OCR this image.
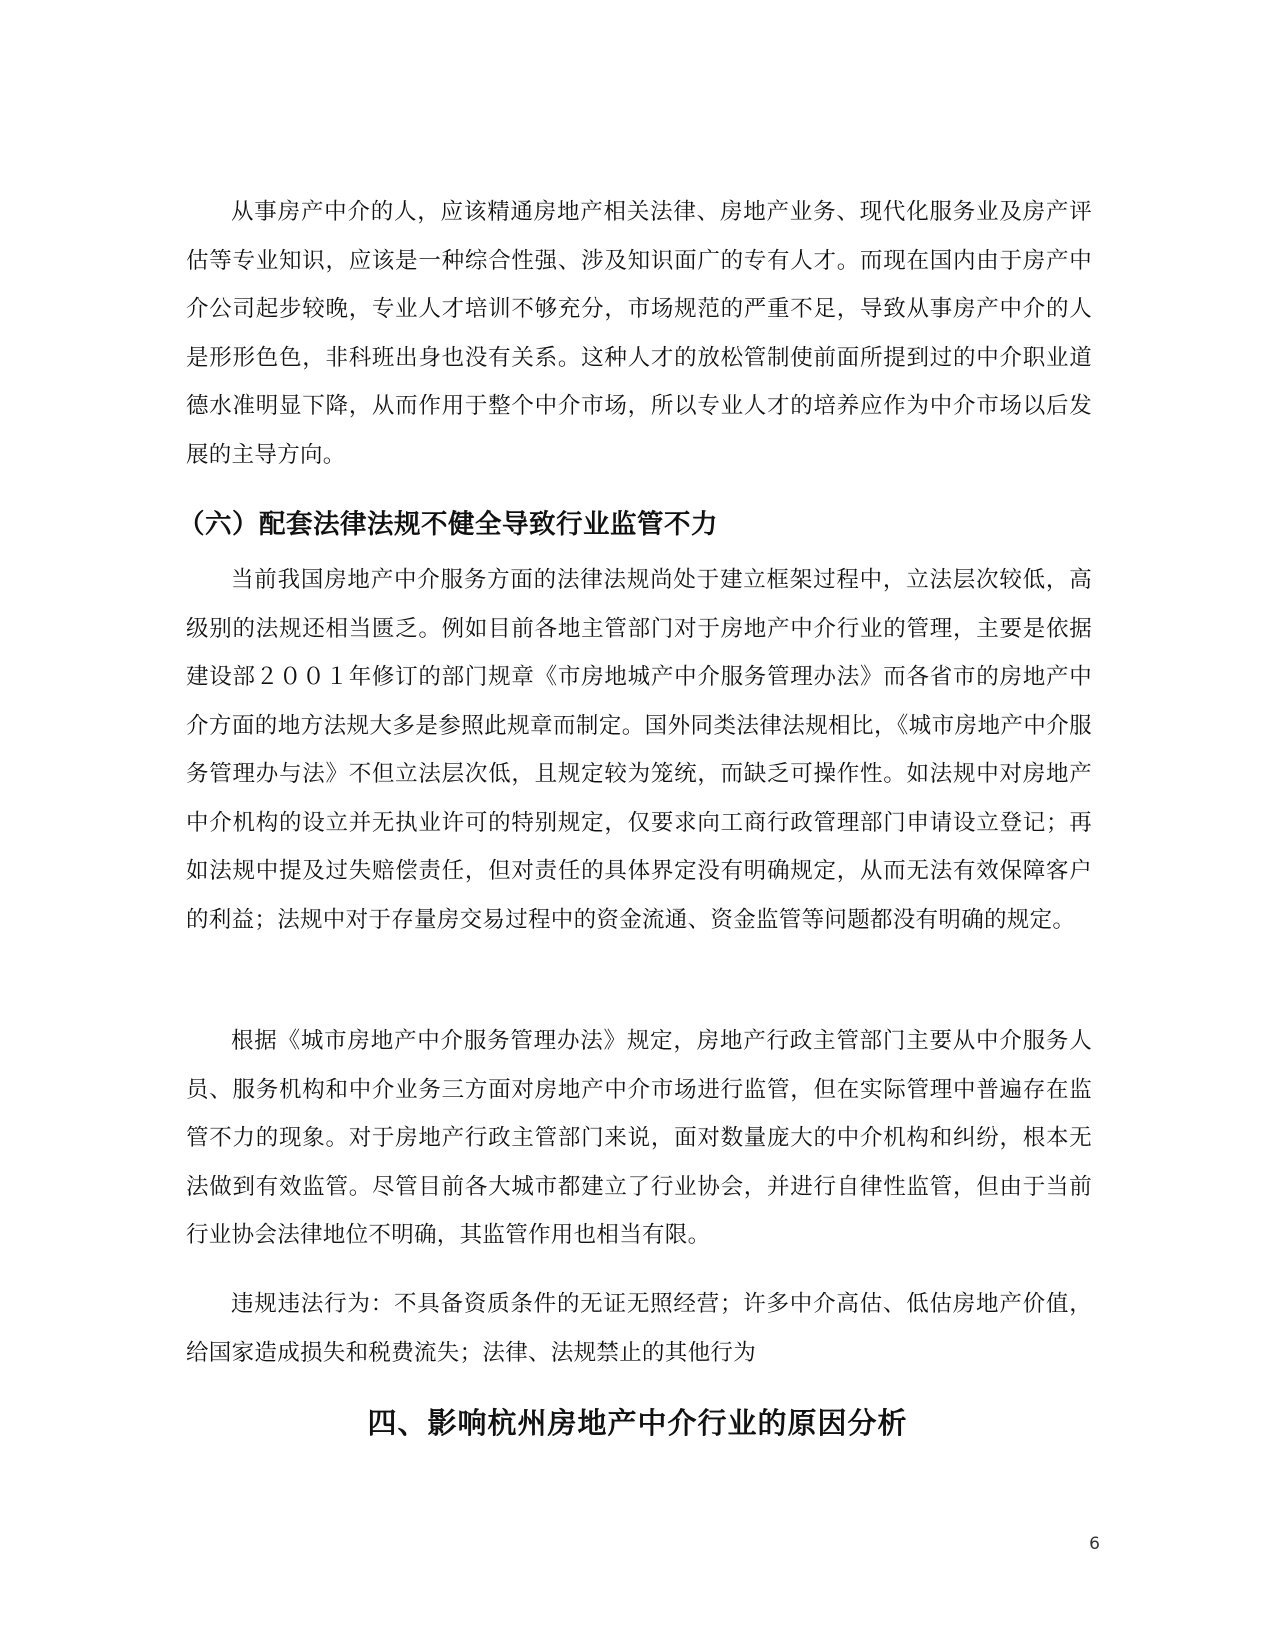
从事房产中介的人，应该精通房地产相关法律、房地产业务、现代化服务业及房产评估等专业知识，应该是一种综合性强、涉及知识面广的专有人才。而现在国内由于房产中介公司起步较晚，专业人才培训不够充分，市场规范的严重不足，导致从事房产中介的人是形形色色，非科班出身也没有关系。这种人才的放松管制使前面所提到过的中介职业道德水准明显下降，从而作用于整个中介市场，所以专业人才的培养应作为中介市场以后发展的主导方向。

（六）配套法律法规不健全导致行业监管不力

当前我国房地产中介服务方面的法律法规尚处于建立框架过程中，立法层次较低，高级别的法规还相当匮乏。例如目前各地主管部门对于房地产中介行业的管理，主要是依据建设部２００１年修订的部门规章《市房地城产中介服务管理办法》而各省市的房地产中介方面的地方法规大多是参照此规章而制定。国外同类法律法规相比，《城市房地产中介服务管理办与法》不但立法层次低，且规定较为笼统，而缺乏可操作性。如法规中对房地产中介机构的设立并无执业许可的特别规定，仅要求向工商行政管理部门申请设立登记；再如法规中提及过失赔偿责任，但对责任的具体界定没有明确规定，从而无法有效保障客户的利益；法规中对于存量房交易过程中的资金流通、资金监管等问题都没有明确的规定。

根据《城市房地产中介服务管理办法》规定，房地产行政主管部门主要从中介服务人员、服务机构和中介业务三方面对房地产中介市场进行监管，但在实际管理中普遍存在监管不力的现象。对于房地产行政主管部门来说，面对数量庞大的中介机构和纠纷，根本无法做到有效监管。尽管目前各大城市都建立了行业协会，并进行自律性监管，但由于当前行业协会法律地位不明确，其监管作用也相当有限。

违规违法行为：不具备资质条件的无证无照经营；许多中介高估、低估房地产价值，给国家造成损失和税费流失；法律、法规禁止的其他行为

四、影响杭州房地产中介行业的原因分析
6
